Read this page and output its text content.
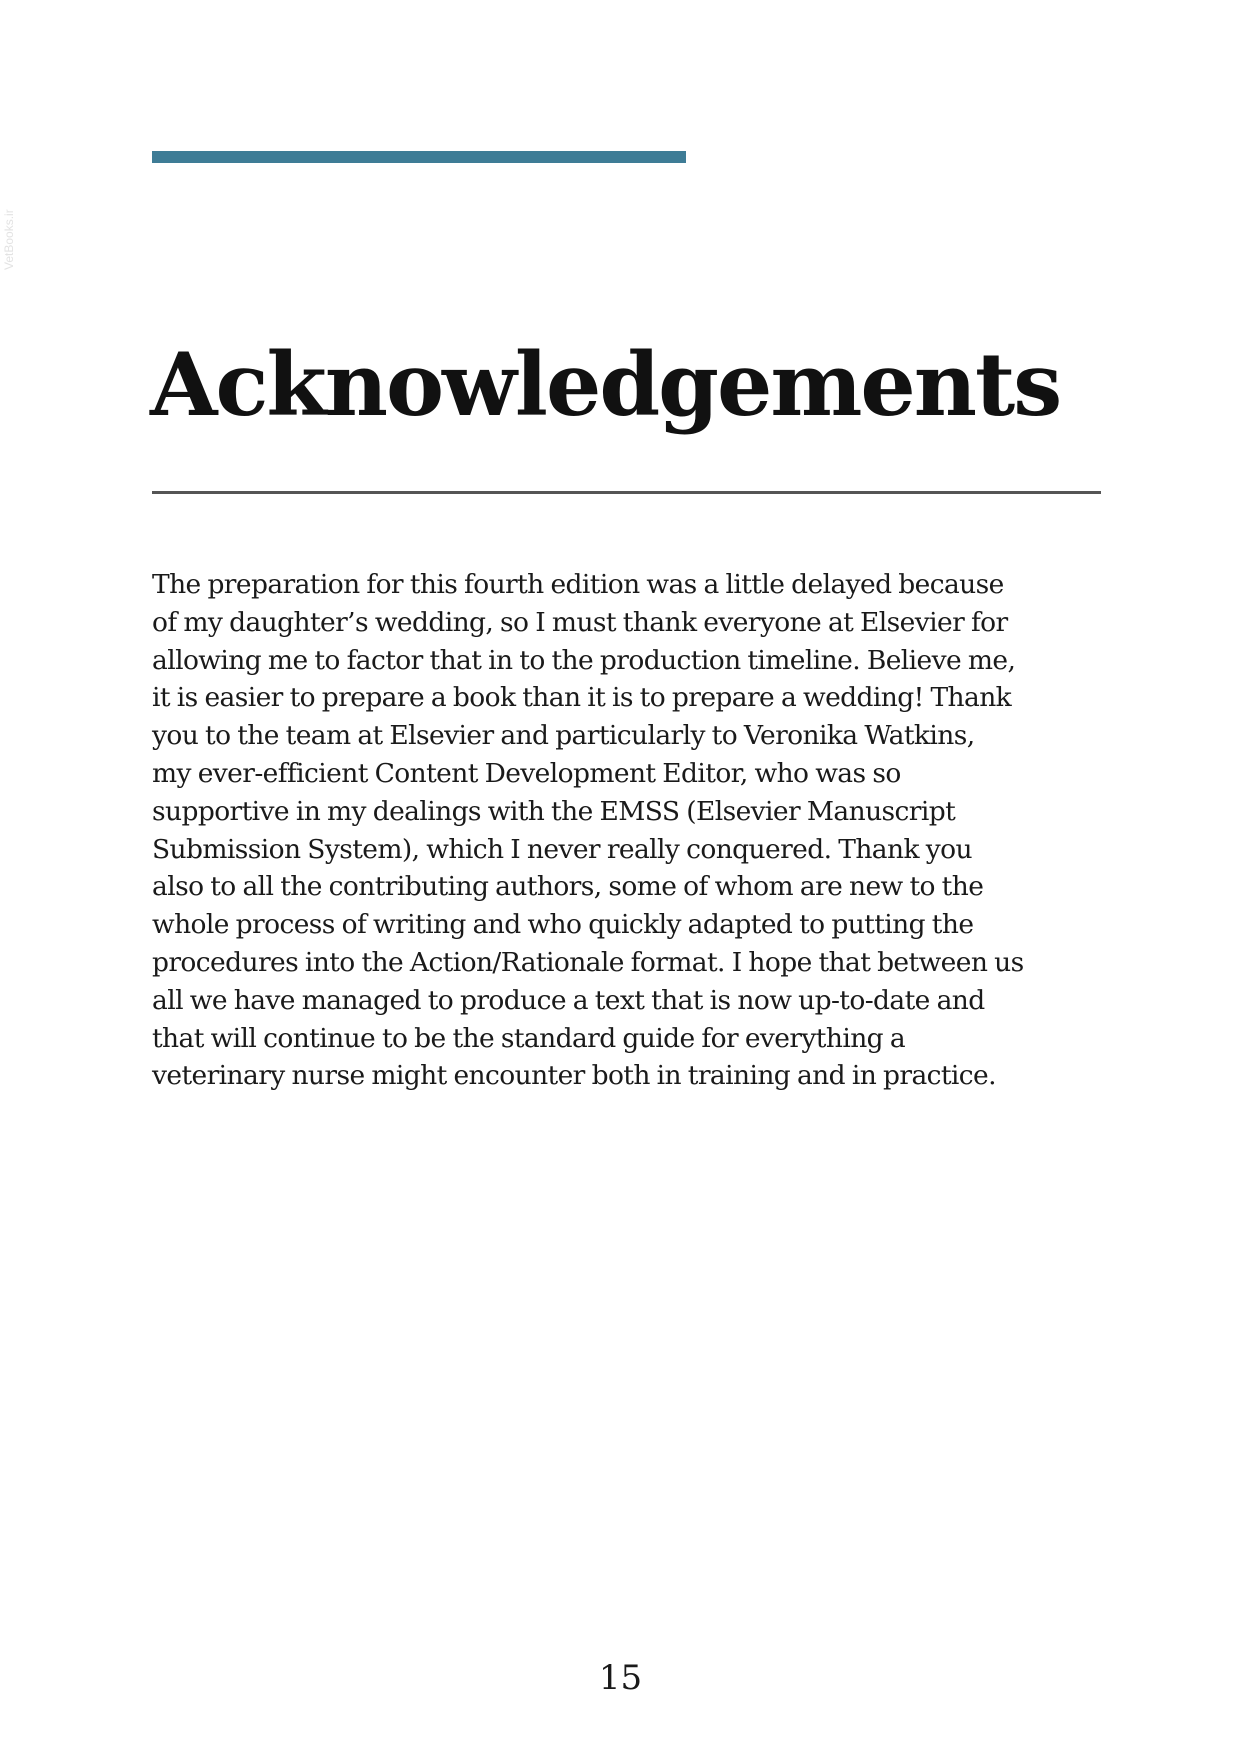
VetBooks.ir
Acknowledgements

The preparation for this fourth edition was a little delayed because
of my daughter’s wedding, so I must thank everyone at Elsevier for
allowing me to factor that in to the production timeline. Believe me,
it is easier to prepare a book than it is to prepare a wedding! Thank
you to the team at Elsevier and particularly to Veronika Watkins,
my ever-efficient Content Development Editor, who was so
supportive in my dealings with the EMSS (Elsevier Manuscript
Submission System), which I never really conquered. Thank you
also to all the contributing authors, some of whom are new to the
whole process of writing and who quickly adapted to putting the
procedures into the Action/Rationale format. I hope that between us
all we have managed to produce a text that is now up-to-date and
that will continue to be the standard guide for everything a
veterinary nurse might encounter both in training and in practice.

15
